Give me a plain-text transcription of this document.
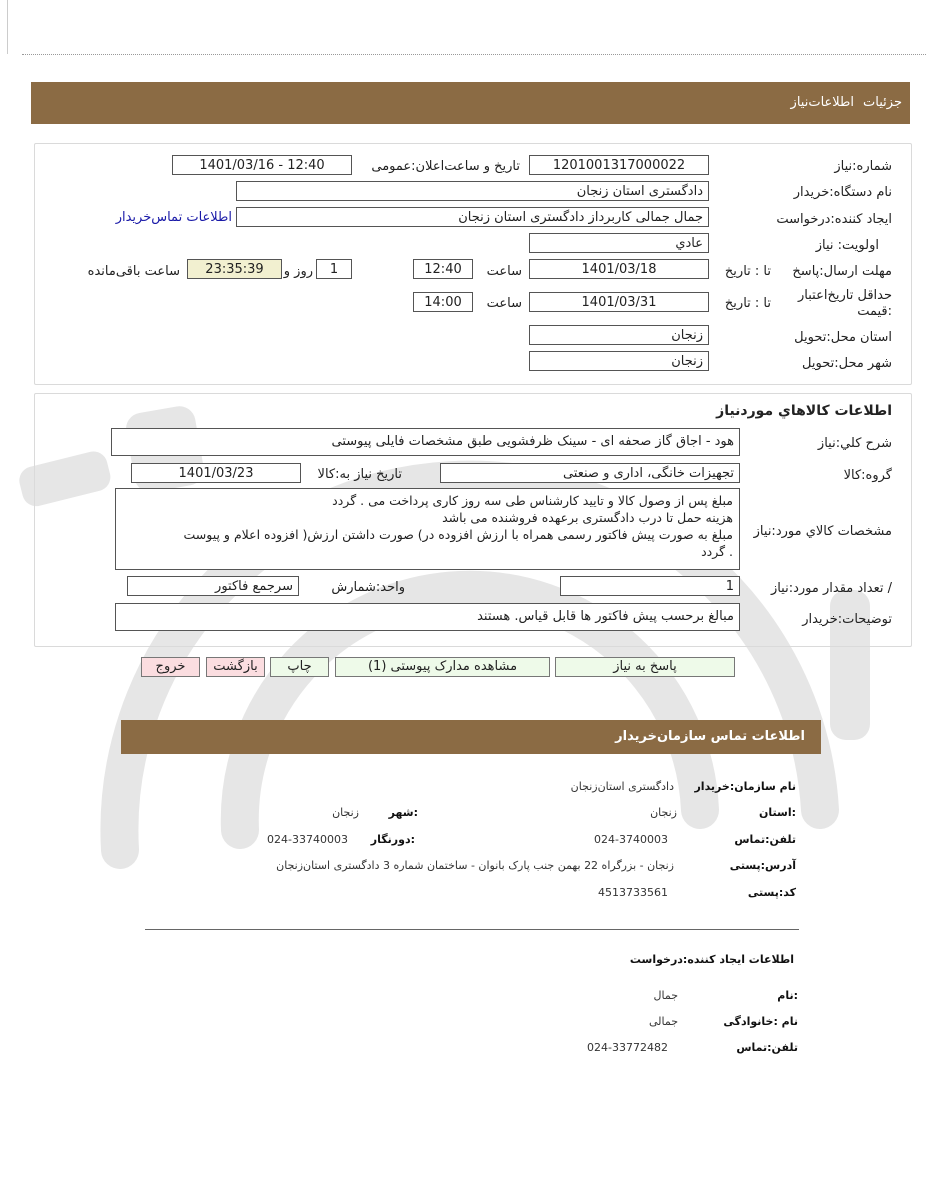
جزئیات
اطلاعات‌نیاز
شماره:نیاز
1201001317000022
تاریخ و ساعت‌اعلان:عمومی
1401/03/16 - 12:40
نام دستگاه:خریدار
دادگستری استان زنجان
ایجاد کننده:درخواست
جمال جمالی کاربرداز دادگستری استان زنجان
اطلاعات تماس‌خریدار
اولویت: نیاز
عادي
مهلت ارسال:پاسخ
تا : تاریخ
1401/03/18
ساعت
12:40
1
روز و
23:35:39
ساعت باقی‌مانده
حداقل تاریخ‌اعتبار :قیمت
تا : تاریخ
1401/03/31
ساعت
14:00
استان محل:تحویل
زنجان
شهر محل:تحویل
زنجان
اطلاعات كالاهاي موردنياز
شرح كلي:نياز
هود - اجاق گاز صحفه ای - سینک ظرفشویی طبق مشخصات فایلی پیوستی
گروه:کالا
تجهیزات خانگی، اداری و صنعتی
تاریخ نیاز به:کالا
1401/03/23
مشخصات كالاي مورد:نياز
مبلغ پس از وصول کالا و تایید کارشناس طی سه روز کاری پرداخت می . گردد
هزینه حمل تا درب دادگستری برعهده فروشنده می باشد
مبلغ به صورت پیش فاکتور رسمی همراه با ارزش افزوده در) صورت داشتن ارزش( افزوده اعلام و پیوست
. گردد
/ تعداد مقدار مورد:نیاز
1
واحد:شمارش
سرجمع فاکتور
توضیحات:خریدار
مبالغ برحسب پیش فاکتور ها قابل قیاس. هستند
پاسخ به نیاز
مشاهده مدارک پیوستی (1)
چاپ
بازگشت
خروج
اطلاعات تماس سازمان‌خریدار
نام سازمان:خریدار
دادگستری استان‌زنجان
:استان
زنجان
:شهر
زنجان
تلفن:تماس
024-3740003
:دورنگار
024-33740003
آدرس:پستی
زنجان - بزرگراه 22 بهمن جنب پارک بانوان - ساختمان شماره 3 دادگستری استان‌زنجان
کد:پستی
4513733561
اطلاعات ایجاد کننده:درخواست
:نام
جمال
نام :خانوادگی
جمالی
تلفن:تماس
024-33772482
